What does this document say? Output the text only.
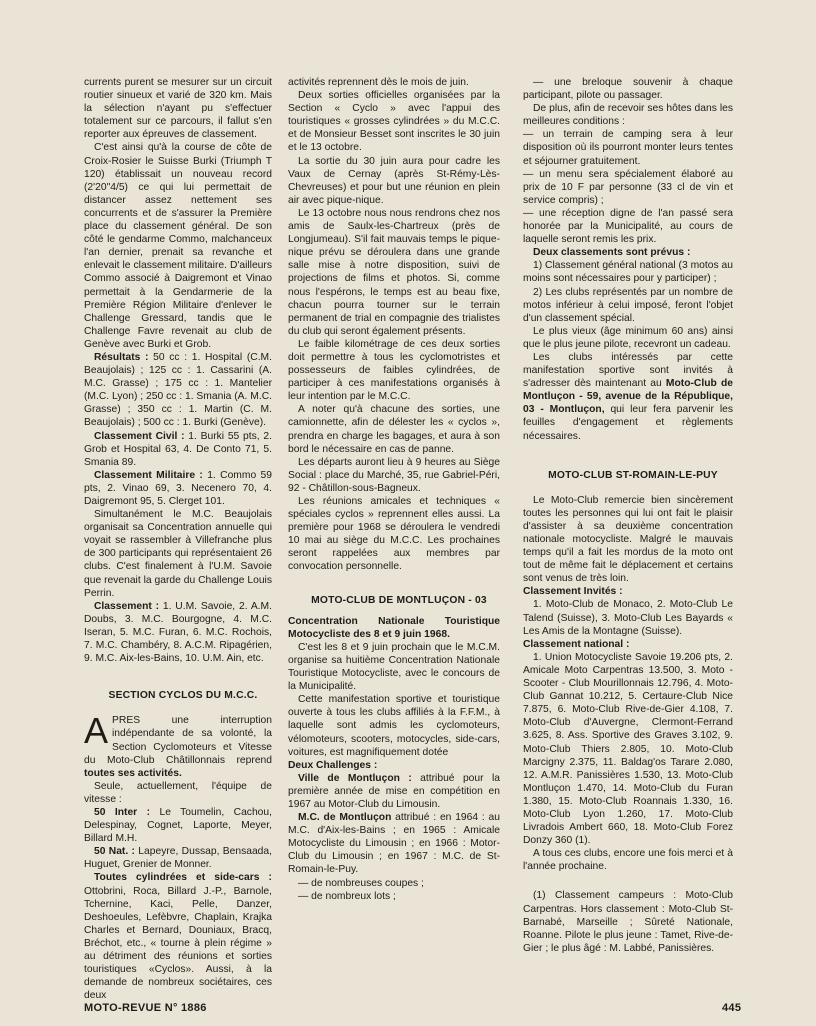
currents purent se mesurer sur un circuit routier sinueux et varié de 320 km. Mais la sélection n'ayant pu s'effectuer totalement sur ce parcours, il fallut s'en reporter aux épreuves de classement.

C'est ainsi qu'à la course de côte de Croix-Rosier le Suisse Burki (Triumph T 120) établissait un nouveau record (2'20"4/5) ce qui lui permettait de distancer assez nettement ses concurrents et de s'assurer la Première place du classement général. De son côté le gendarme Commo, malchanceux l'an dernier, prenait sa revanche et enlevait le classement militaire. D'ailleurs Commo associé à Daigremont et Vinao permettait à la Gendarmerie de la Première Région Militaire d'enlever le Challenge Gressard, tandis que le Challenge Favre revenait au club de Genève avec Burki et Grob.

Résultats : 50 cc : 1. Hospital (C.M. Beaujolais) ; 125 cc : 1. Cassarini (A. M.C. Grasse) ; 175 cc : 1. Mantelier (M.C. Lyon) ; 250 cc : 1. Smania (A. M.C. Grasse) ; 350 cc : 1. Martin (C. M. Beaujolais) ; 500 cc : 1. Burki (Genève).

Classement Civil : 1. Burki 55 pts, 2. Grob et Hospital 63, 4. De Conto 71, 5. Smania 89.

Classement Militaire : 1. Commo 59 pts, 2. Vinao 69, 3. Necenero 70, 4. Daigremont 95, 5. Clerget 101.

Simultanément le M.C. Beaujolais organisait sa Concentration annuelle qui voyait se rassembler à Villefranche plus de 300 participants qui représentaient 26 clubs. C'est finalement à l'U.M. Savoie que revenait la garde du Challenge Louis Perrin.

Classement : 1. U.M. Savoie, 2. A.M. Doubs, 3. M.C. Bourgogne, 4. M.C. Iseran, 5. M.C. Furan, 6. M.C. Rochois, 7. M.C. Chambéry, 8. A.C.M. Ripagérien, 9. M.C. Aix-les-Bains, 10. U.M. Ain, etc.

SECTION CYCLOS DU M.C.C.

APRES une interruption indépendante de sa volonté, la Section Cyclomoteurs et Vitesse du Moto-Club Châtillonnais reprend toutes ses activités.

Seule, actuellement, l'équipe de vitesse :

50 Inter : Le Toumelin, Cachou, Delespinay, Cognet, Laporte, Meyer, Billard M.H.

50 Nat. : Lapeyre, Dussap, Bensaada, Huguet, Grenier de Monner.

Toutes cylindrées et side-cars : Ottobrini, Roca, Billard J.-P., Barnole, Tchernine, Kaci, Pelle, Danzer, Deshoeules, Lefèbvre, Chaplain, Krajka Charles et Bernard, Douniaux, Bracq, Bréchot, etc., « tourne à plein régime » au détriment des réunions et sorties touristiques «Cyclos». Aussi, à la demande de nombreux sociétaires, ces deux

activités reprennent dès le mois de juin.

Deux sorties officielles organisées par la Section « Cyclo » avec l'appui des touristiques « grosses cylindrées » du M.C.C. et de Monsieur Besset sont inscrites le 30 juin et le 13 octobre.

La sortie du 30 juin aura pour cadre les Vaux de Cernay (après St-Rémy-Lès-Chevreuses) et pour but une réunion en plein air avec pique-nique.

Le 13 octobre nous nous rendrons chez nos amis de Saulx-les-Chartreux (près de Longjumeau). S'il fait mauvais temps le pique-nique prévu se déroulera dans une grande salle mise à notre disposition, suivi de projections de films et photos. Si, comme nous l'espérons, le temps est au beau fixe, chacun pourra tourner sur le terrain permanent de trial en compagnie des trialistes du club qui seront également présents.

Le faible kilométrage de ces deux sorties doit permettre à tous les cyclomotristes et possesseurs de faibles cylindrées, de participer à ces manifestations organisés à leur intention par le M.C.C.

A noter qu'à chacune des sorties, une camionnette, afin de délester les « cyclos », prendra en charge les bagages, et aura à son bord le nécessaire en cas de panne.

Les départs auront lieu à 9 heures au Siège Social : place du Marché, 35, rue Gabriel-Péri, 92 - Châtillon-sous-Bagneux.

Les réunions amicales et techniques « spéciales cyclos » reprennent elles aussi. La première pour 1968 se déroulera le vendredi 10 mai au siège du M.C.C. Les prochaines seront rappelées aux membres par convocation personnelle.

MOTO-CLUB DE MONTLUÇON - 03

Concentration Nationale Touristique Motocycliste des 8 et 9 juin 1968.

C'est les 8 et 9 juin prochain que le M.C.M. organise sa huitième Concentration Nationale Touristique Motocycliste, avec le concours de la Municipalité.

Cette manifestation sportive et touristique ouverte à tous les clubs affiliés à la F.F.M., à laquelle sont admis les cyclomoteurs, vélomoteurs, scooters, motocycles, side-cars, voitures, est magnifiquement dotée

Deux Challenges :

Ville de Montluçon : attribué pour la première année de mise en compétition en 1967 au Motor-Club du Limousin.

M.C. de Montluçon attribué : en 1964 : au M.C. d'Aix-les-Bains ; en 1965 : Amicale Motocycliste du Limousin ; en 1966 : Motor-Club du Limousin ; en 1967 : M.C. de St-Romain-le-Puy.

— de nombreuses coupes ;

— de nombreux lots ;

— une breloque souvenir à chaque participant, pilote ou passager.

De plus, afin de recevoir ses hôtes dans les meilleures conditions :

— un terrain de camping sera à leur disposition où ils pourront monter leurs tentes et séjourner gratuitement.

— un menu sera spécialement élaboré au prix de 10 F par personne (33 cl de vin et service compris) ;

— une réception digne de l'an passé sera honorée par la Municipalité, au cours de laquelle seront remis les prix.

Deux classements sont prévus :

1) Classement général national (3 motos au moins sont nécessaires pour y participer) ;

2) Les clubs représentés par un nombre de motos inférieur à celui imposé, feront l'objet d'un classement spécial.

Le plus vieux (âge minimum 60 ans) ainsi que le plus jeune pilote, recevront un cadeau.

Les clubs intéressés par cette manifestation sportive sont invités à s'adresser dès maintenant au Moto-Club de Montluçon - 59, avenue de la République, 03 - Montluçon, qui leur fera parvenir les feuilles d'engagement et règlements nécessaires.

MOTO-CLUB ST-ROMAIN-LE-PUY

Le Moto-Club remercie bien sincèrement toutes les personnes qui lui ont fait le plaisir d'assister à sa deuxième concentration nationale motocycliste. Malgré le mauvais temps qu'il a fait les mordus de la moto ont tout de même fait le déplacement et certains sont venus de très loin.

Classement Invités :

1. Moto-Club de Monaco, 2. Moto-Club Le Talend (Suisse), 3. Moto-Club Les Bayards « Les Amis de la Montagne (Suisse).

Classement national :

1. Union Motocycliste Savoie 19.206 pts, 2. Amicale Moto Carpentras 13.500, 3. Moto - Scooter - Club Mourillonnais 12.796, 4. Moto-Club Gannat 10.212, 5. Certaure-Club Nice 7.875, 6. Moto-Club Rive-de-Gier 4.108, 7. Moto-Club d'Auvergne, Clermont-Ferrand 3.625, 8. Ass. Sportive des Graves 3.102, 9. Moto-Club Thiers 2.805, 10. Moto-Club Marcigny 2.375, 11. Baldag'os Tarare 2.080, 12. A.M.R. Panissières 1.530, 13. Moto-Club Montluçon 1.470, 14. Moto-Club du Furan 1.380, 15. Moto-Club Roannais 1.330, 16. Moto-Club Lyon 1.260, 17. Moto-Club Livradois Ambert 660, 18. Moto-Club Forez Donzy 360 (1).

A tous ces clubs, encore une fois merci et à l'année prochaine.

(1) Classement campeurs : Moto-Club Carpentras. Hors classement : Moto-Club St-Barnabé, Marseille ; Sûreté Nationale, Roanne. Pilote le plus jeune : Tamet, Rive-de-Gier ; le plus âgé : M. Labbé, Panissières.

MOTO-REVUE N° 1886	445
